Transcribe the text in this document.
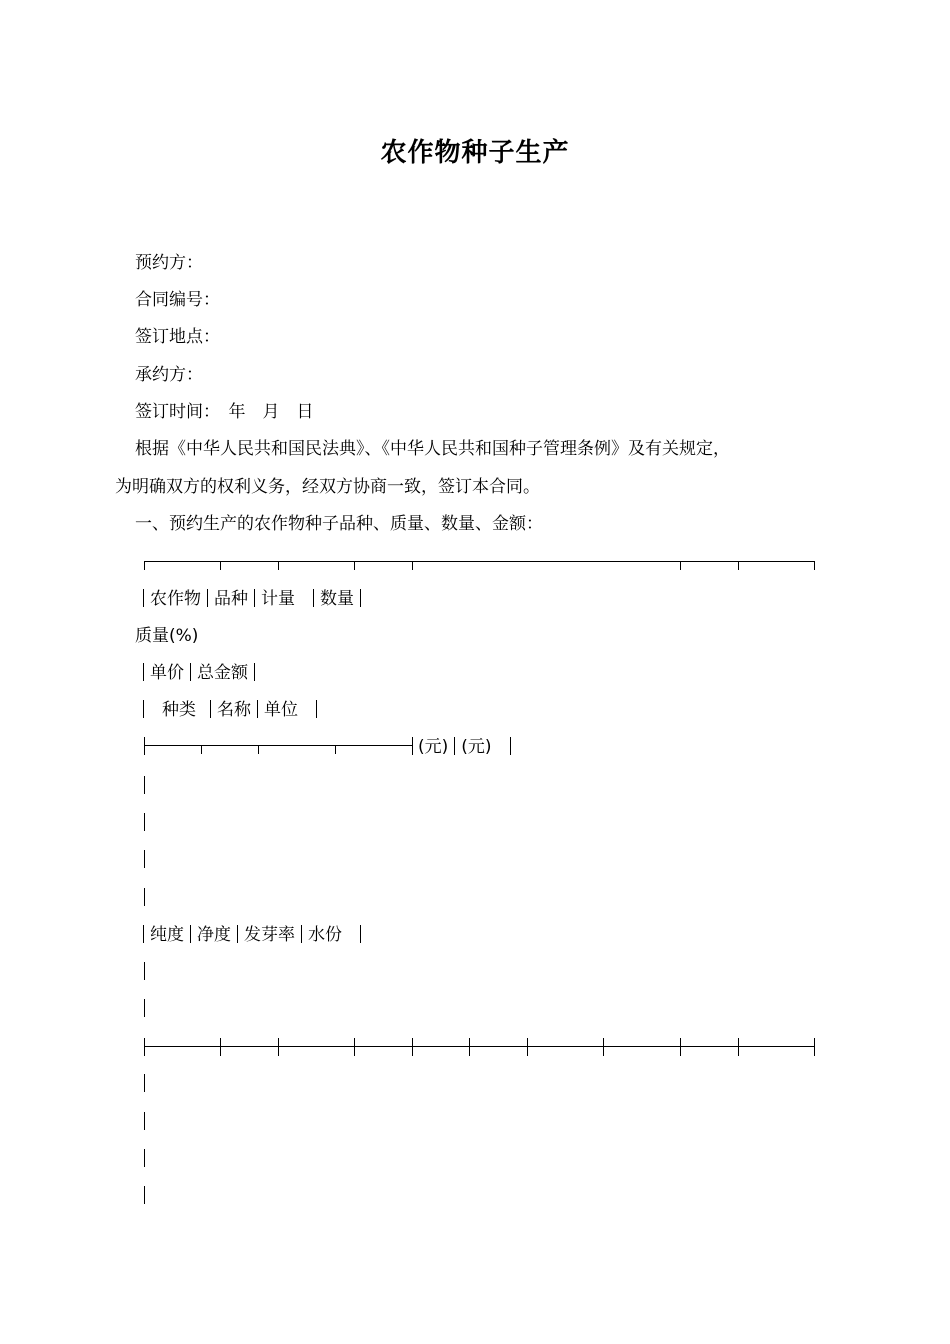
农作物种子生产

预约方：

合同编号：

签订地点：

承约方：

签订时间：　年　月　日

根据《中华人民共和国民法典》、《中华人民共和国种子管理条例》及有关规定，

为明确双方的权利义务，经双方协商一致，签订本合同。

一、预约生产的农作物种子品种、质量、数量、金额：

农作物 品种 计量 数量

质量(%)

单价 总金额
种类 名称 单位
(元) (元)
纯度 净度 发芽率 水份
